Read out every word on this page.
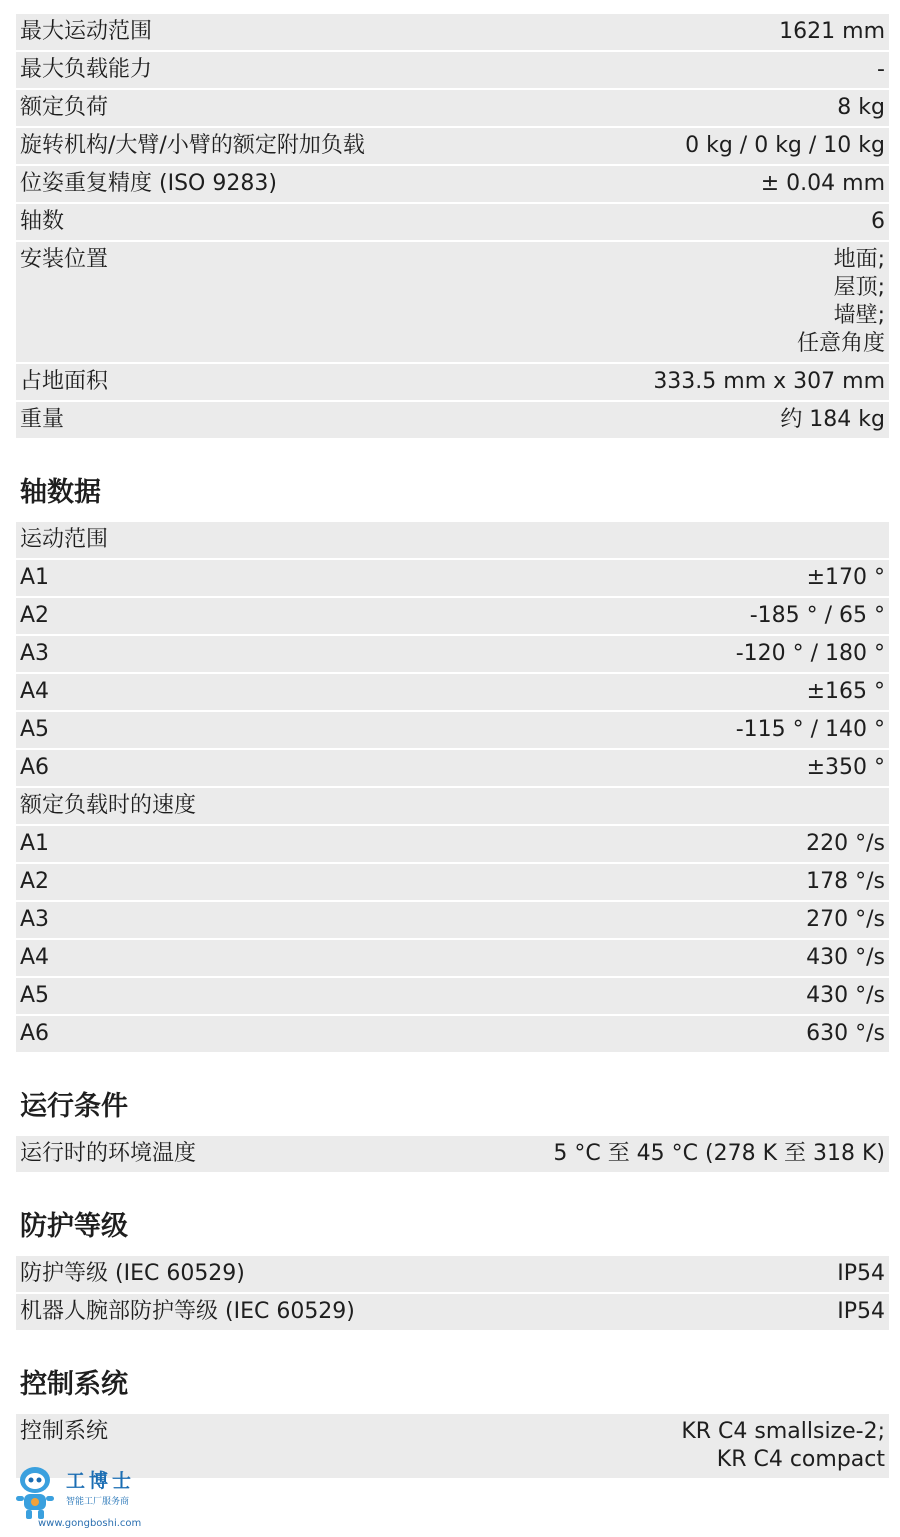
最大运动范围	1621 mm
最大负载能力	-
额定负荷	8 kg
旋转机构/大臂/小臂的额定附加负载	0 kg / 0 kg / 10 kg
位姿重复精度 (ISO 9283)	± 0.04 mm
轴数	6
安装位置	地面;
屋顶;
墙壁;
任意角度
占地面积	333.5 mm x 307 mm
重量	约 184 kg
轴数据
运动范围
A1	±170 °
A2	-185 ° / 65 °
A3	-120 ° / 180 °
A4	±165 °
A5	-115 ° / 140 °
A6	±350 °
额定负载时的速度
A1	220 °/s
A2	178 °/s
A3	270 °/s
A4	430 °/s
A5	430 °/s
A6	630 °/s
运行条件
运行时的环境温度	5 °C 至 45 °C (278 K 至 318 K)
防护等级
防护等级 (IEC 60529)	IP54
机器人腕部防护等级 (IEC 60529)	IP54
控制系统
控制系统	KR C4 smallsize-2;
KR C4 compact
工博士
智能工厂服务商
www.gongboshi.com
